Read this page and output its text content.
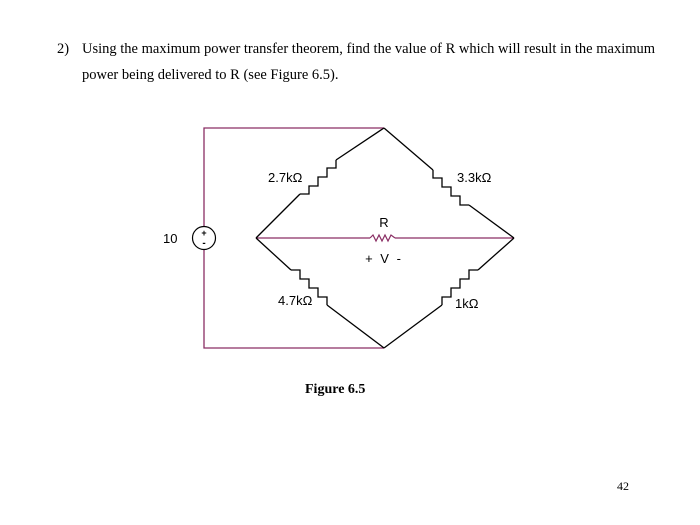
2) Using the maximum power transfer theorem, find the value of R which will result in the maximum power being delivered to R (see Figure 6.5).
+
-
10
2.7kΩ	3.3kΩ
4.7kΩ	1kΩ
R
+ V -
Figure 6.5
42
